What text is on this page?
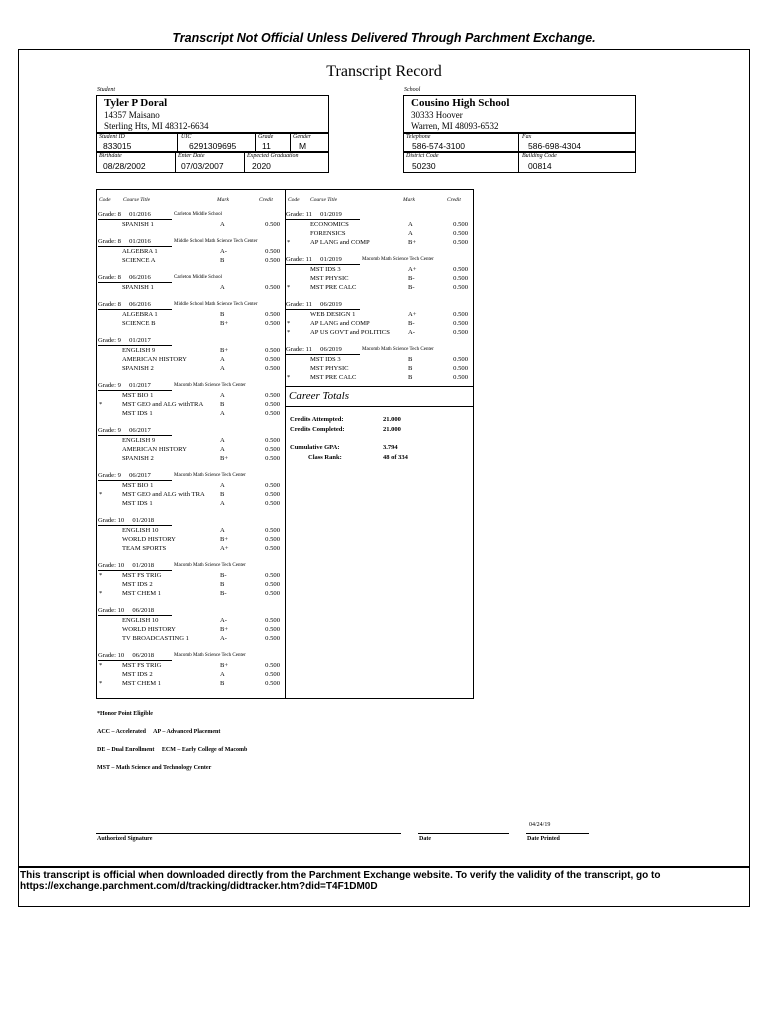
Transcript Not Official Unless Delivered Through Parchment Exchange.
Transcript Record
Student
Tyler P Doral
14357 Maisano
Sterling Hts, MI 48312-6634
Student ID
833015
UIC
6291309695
Grade
11
Gender
M
Birthdate
08/28/2002
Enter Date
07/03/2007
Expected Graduation
2020
School
Cousino High School
30333 Hoover
Warren, MI 48093-6532
Telephone
586-574-3100
Fax
586-698-4304
District Code
50230
Building Code
00814
Code Course Title	Mark	Credit	Code Course Title	Mark	Credit
Grade: 8     01/2016	Carleton Middle School
SPANISH 1	A	0.500
Grade: 8     01/2016	Middle School Math Science Tech Center
ALGEBRA 1	A-	0.500
SCIENCE A	B	0.500
Grade: 8     06/2016	Carleton Middle School
SPANISH 1	A	0.500
Grade: 8     06/2016	Middle School Math Science Tech Center
ALGEBRA 1	B	0.500
SCIENCE B	B+	0.500
Grade: 9     01/2017
ENGLISH 9	B+	0.500
AMERICAN HISTORY	A	0.500
SPANISH 2	A	0.500
Grade: 9     01/2017	Macomb Math Science Tech Center
MST BIO 1	A	0.500
*	MST GEO and ALG withTRA	B	0.500
MST IDS 1	A	0.500
Grade: 9     06/2017
ENGLISH 9	A	0.500
AMERICAN HISTORY	A	0.500
SPANISH 2	B+	0.500
Grade: 9     06/2017	Macomb Math Science Tech Center
MST BIO 1	A	0.500
*	MST GEO and ALG with TRA	B	0.500
MST IDS 1	A	0.500
Grade: 10     01/2018
ENGLISH 10	A	0.500
WORLD HISTORY	B+	0.500
TEAM SPORTS	A+	0.500
Grade: 10     01/2018	Macomb Math Science Tech Center
*	MST FS TRIG	B-	0.500
MST IDS 2	B	0.500
*	MST CHEM 1	B-	0.500
Grade: 10     06/2018
ENGLISH 10	A-	0.500
WORLD HISTORY	B+	0.500
TV BROADCASTING 1	A-	0.500
Grade: 10     06/2018	Macomb Math Science Tech Center
*	MST FS TRIG	B+	0.500
MST IDS 2	A	0.500
*	MST CHEM 1	B	0.500
Grade: 11     01/2019
ECONOMICS	A	0.500
FORENSICS	A	0.500
*	AP LANG and COMP	B+	0.500
Grade: 11     01/2019	Macomb Math Science Tech Center
MST IDS 3	A+	0.500
MST PHYSIC	B-	0.500
*	MST PRE CALC	B-	0.500
Grade: 11     06/2019
WEB DESIGN 1	A+	0.500
*	AP LANG and COMP	B-	0.500
*	AP US GOVT and POLITICS	A-	0.500
Grade: 11     06/2019	Macomb Math Science Tech Center
MST IDS 3	B	0.500
MST PHYSIC	B	0.500
*	MST PRE CALC	B	0.500
Career Totals
Credits Attempted:	21.000
Credits Completed:	21.000
Cumulative GPA:	3.794
Class Rank:	48 of 334
*Honor Point Eligible
ACC – Accelerated     AP – Advanced Placement
DE – Dual Enrollment     ECM – Early College of Macomb
MST – Math Science and Technology Center
Authorized Signature	Date	Date Printed
04/24/19
This transcript is official when downloaded directly from the Parchment Exchange website. To verify the validity of the transcript, go to https://exchange.parchment.com/d/tracking/didtracker.htm?did=T4F1DM0D
